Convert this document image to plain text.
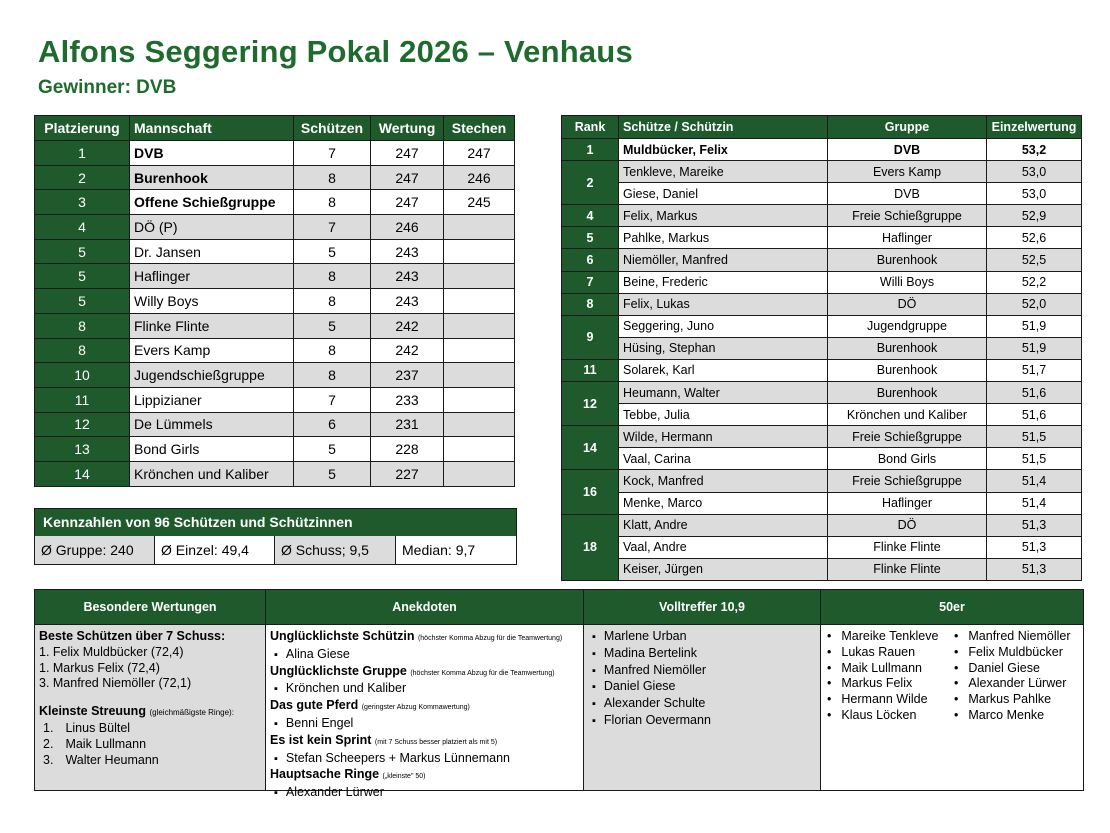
Alfons Seggering Pokal 2026 – Venhaus
Gewinner: DVB
Platzierung	Mannschaft	Schützen	Wertung	Stechen
1	DVB	7	247	247
2	Burenhook	8	247	246
3	Offene Schießgruppe	8	247	245
4	DÖ (P)	7	246	
5	Dr. Jansen	5	243	
5	Haflinger	8	243	
5	Willy Boys	8	243	
8	Flinke Flinte	5	242	
8	Evers Kamp	8	242	
10	Jugendschießgruppe	8	237	
11	Lippizianer	7	233	
12	De Lümmels	6	231	
13	Bond Girls	5	228	
14	Krönchen und Kaliber	5	227	
Kennzahlen von 96 Schützen und Schützinnen
Ø Gruppe: 240	Ø Einzel: 49,4	Ø Schuss; 9,5	Median: 9,7
Rank	Schütze / Schützin	Gruppe	Einzelwertung
1	Muldbücker, Felix	DVB	53,2
2	Tenkleve, Mareike	Evers Kamp	53,0
	Giese, Daniel	DVB	53,0
4	Felix, Markus	Freie Schießgruppe	52,9
5	Pahlke, Markus	Haflinger	52,6
6	Niemöller, Manfred	Burenhook	52,5
7	Beine, Frederic	Willi Boys	52,2
8	Felix, Lukas	DÖ	52,0
9	Seggering, Juno	Jugendgruppe	51,9
	Hüsing, Stephan	Burenhook	51,9
11	Solarek, Karl	Burenhook	51,7
12	Heumann, Walter	Burenhook	51,6
	Tebbe, Julia	Krönchen und Kaliber	51,6
14	Wilde, Hermann	Freie Schießgruppe	51,5
	Vaal, Carina	Bond Girls	51,5
16	Kock, Manfred	Freie Schießgruppe	51,4
	Menke, Marco	Haflinger	51,4
18	Klatt, Andre	DÖ	51,3
	Vaal, Andre	Flinke Flinte	51,3
	Keiser, Jürgen	Flinke Flinte	51,3
Besondere Wertungen
Beste Schützen über 7 Schuss:
1. Felix Muldbücker (72,4)
1. Markus Felix (72,4)
3. Manfred Niemöller (72,1)
Kleinste Streuung (gleichmäßigste Ringe):
1. Linus Bültel
2. Maik Lullmann
3. Walter Heumann
Anekdoten
Unglücklichste Schützin (höchster Komma Abzug für die Teamwertung)
▪ Alina Giese
Unglücklichste Gruppe (höchster Komma Abzug für die Teamwertung)
▪ Krönchen und Kaliber
Das gute Pferd (geringster Abzug Kommawertung)
▪ Benni Engel
Es ist kein Sprint (mit 7 Schuss besser platziert als mit 5)
▪ Stefan Scheepers + Markus Lünnemann
Hauptsache Ringe („kleinste" 50)
▪ Alexander Lürwer
Volltreffer 10,9
▪ Marlene Urban
▪ Madina Bertelink
▪ Manfred Niemöller
▪ Daniel Giese
▪ Alexander Schulte
▪ Florian Oevermann
50er
• Mareike Tenkleve
• Lukas Rauen
• Maik Lullmann
• Markus Felix
• Hermann Wilde
• Klaus Löcken
• Manfred Niemöller
• Felix Muldbücker
• Daniel Giese
• Alexander Lürwer
• Markus Pahlke
• Marco Menke
